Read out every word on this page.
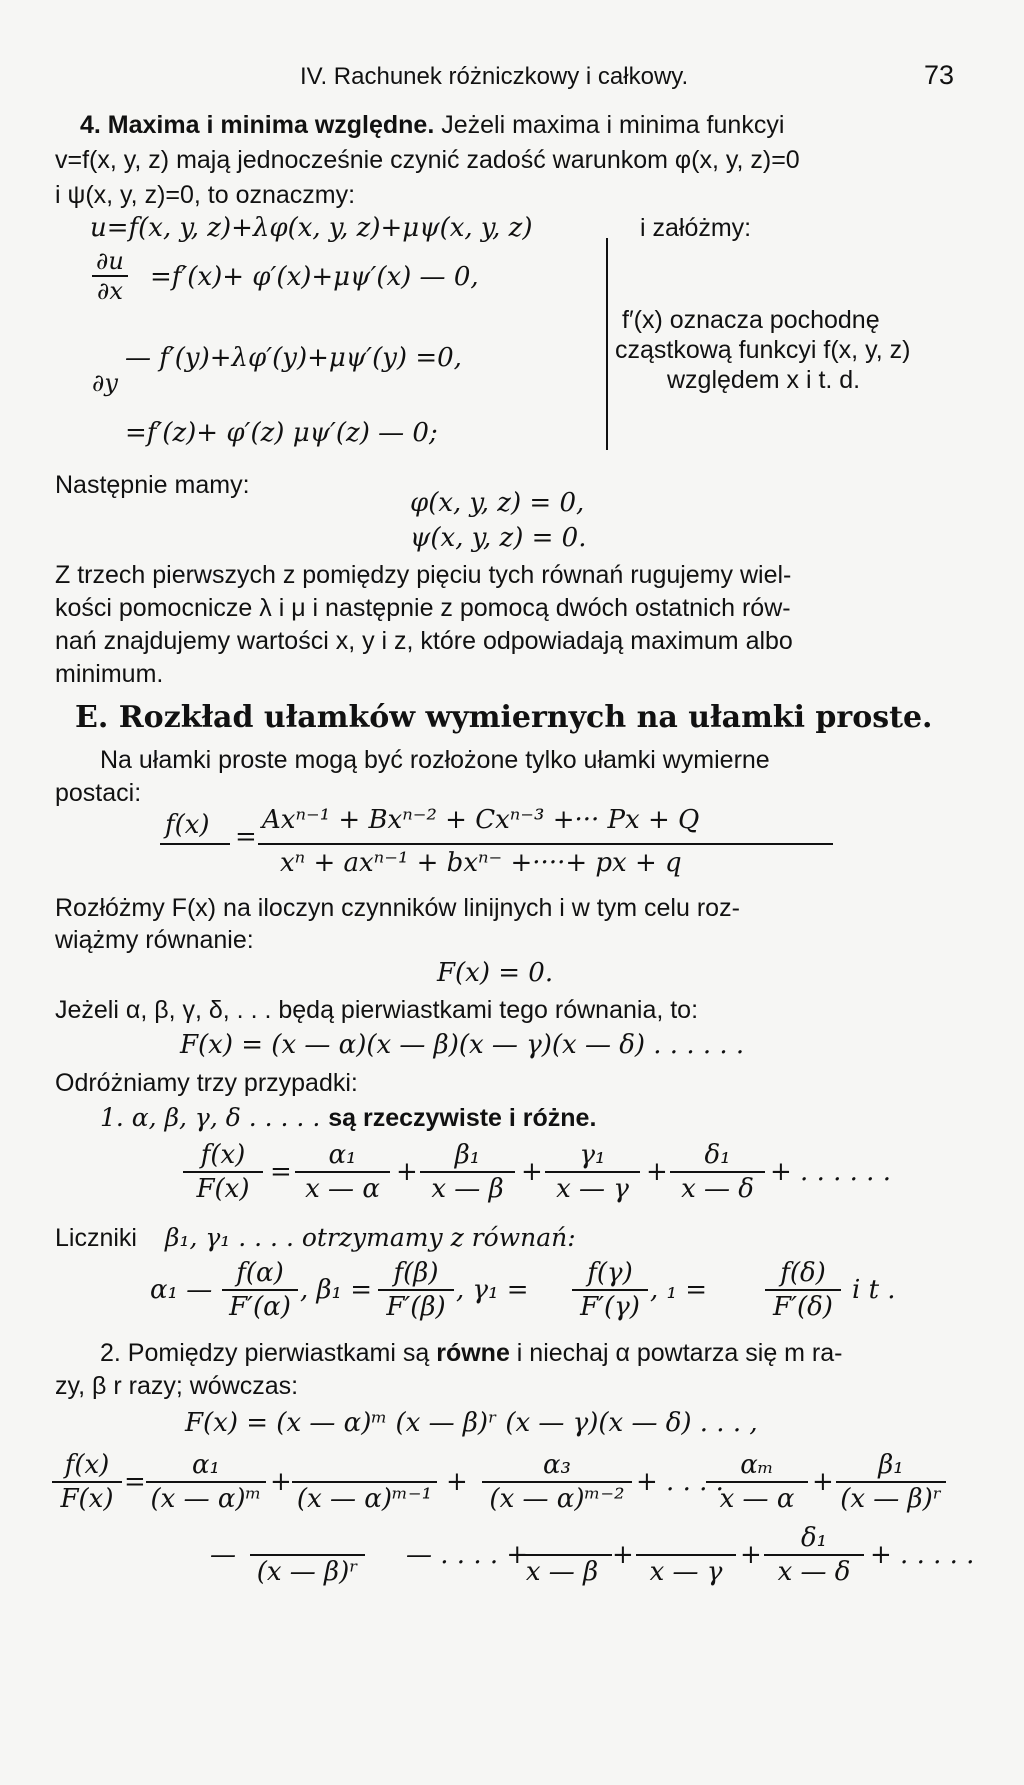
IV. Rachunek różniczkowy i całkowy.	73
4. Maxima i minima względne. Jeżeli maxima i minima funkcyi
v=f(x, y, z) mają jednocześnie czynić zadość warunkom φ(x, y, z)=0
i ψ(x, y, z)=0, to oznaczmy:
u=f(x, y, z)+λφ(x, y, z)+μψ(x, y, z)	i załóżmy:
$\frac{\partial u}{\partial x} =f'(x)+ \varphi'(x)+\mu\psi'(x)$ — 0,
— f′(y)+λφ′(y)+μψ′(y) =0,
∂y
=f′(z)+ φ′(z) μψ′(z) — 0;
f′(x) oznacza pochodnę
cząstkową funkcyi f(x, y, z)
względem x i t. d.
Następnie mamy:
φ(x, y, z) = 0,
ψ(x, y, z) = 0.
Z trzech pierwszych z pomiędzy pięciu tych równań rugujemy wiel-
kości pomocnicze λ i μ i następnie z pomocą dwóch ostatnich rów-
nań znajdujemy wartości x, y i z, które odpowiadają maximum albo
minimum.
E. Rozkład ułamków wymiernych na ułamki proste.
Na ułamki proste mogą być rozłożone tylko ułamki wymierne
postaci:
f(x) =
Axⁿ⁻¹ + Bxⁿ⁻² + Cxⁿ⁻³ +··· Px + Q
xⁿ + axⁿ⁻¹ + bxⁿ⁻ +····+ px + q
Rozłóżmy F(x) na iloczyn czynników linijnych i w tym celu roz-
wiążmy równanie:
F(x) = 0.
Jeżeli α, β, γ, δ, . . . będą pierwiastkami tego równania, to:
F(x) = (x — α)(x — β)(x — γ)(x — δ) . . . . . .
Odróżniamy trzy przypadki:
1. α, β, γ, δ . . . . . są rzeczywiste i różne.
$\frac{f(x)}{F(x)} = \frac{\text{α₁}}{x — \alpha} + \frac{\text{β₁}}{x — \beta} + \frac{\text{γ₁}}{x — \gamma} + \frac{\text{δ₁}}{x — \delta}$ + . . . . . .
Liczniki β₁, γ₁ . . . . otrzymamy z równań:
α₁ — $\frac{f(\alpha)}{F'(\alpha)}$ , $\beta_1 = \frac{f(\beta)}{F'(\beta)}$ , $\gamma_1 = \frac{f(\gamma)}{F'(\gamma)}$ , $_1 = \frac{f(\delta)}{F'(\delta)}$ i t .
2. Pomiędzy pierwiastkami są równe i niechaj α powtarza się m ra-
zy, β r razy; wówczas:
F(x) = (x — α)ᵐ (x — β)ʳ (x — γ)(x — δ) . . . ,
$\frac{f(x)}{F(x)} = \frac{\text{α₁}}{\text{(x — α)ᵐ}}$ +

(x — α)ᵐ⁻¹
+ $\frac{\text{α₃}}{\text{(x — α)ᵐ⁻²}}$ + . . . .
$\frac{\text{αₘ}}{x — \alpha} + \frac{\text{β₁}}{\text{(x — β)ʳ}}$
—

(x — β)ʳ
— . . . . +

x — β
+

x — γ
+ $\frac{\text{δ₁}}{x — \delta}$ + . . . . .
